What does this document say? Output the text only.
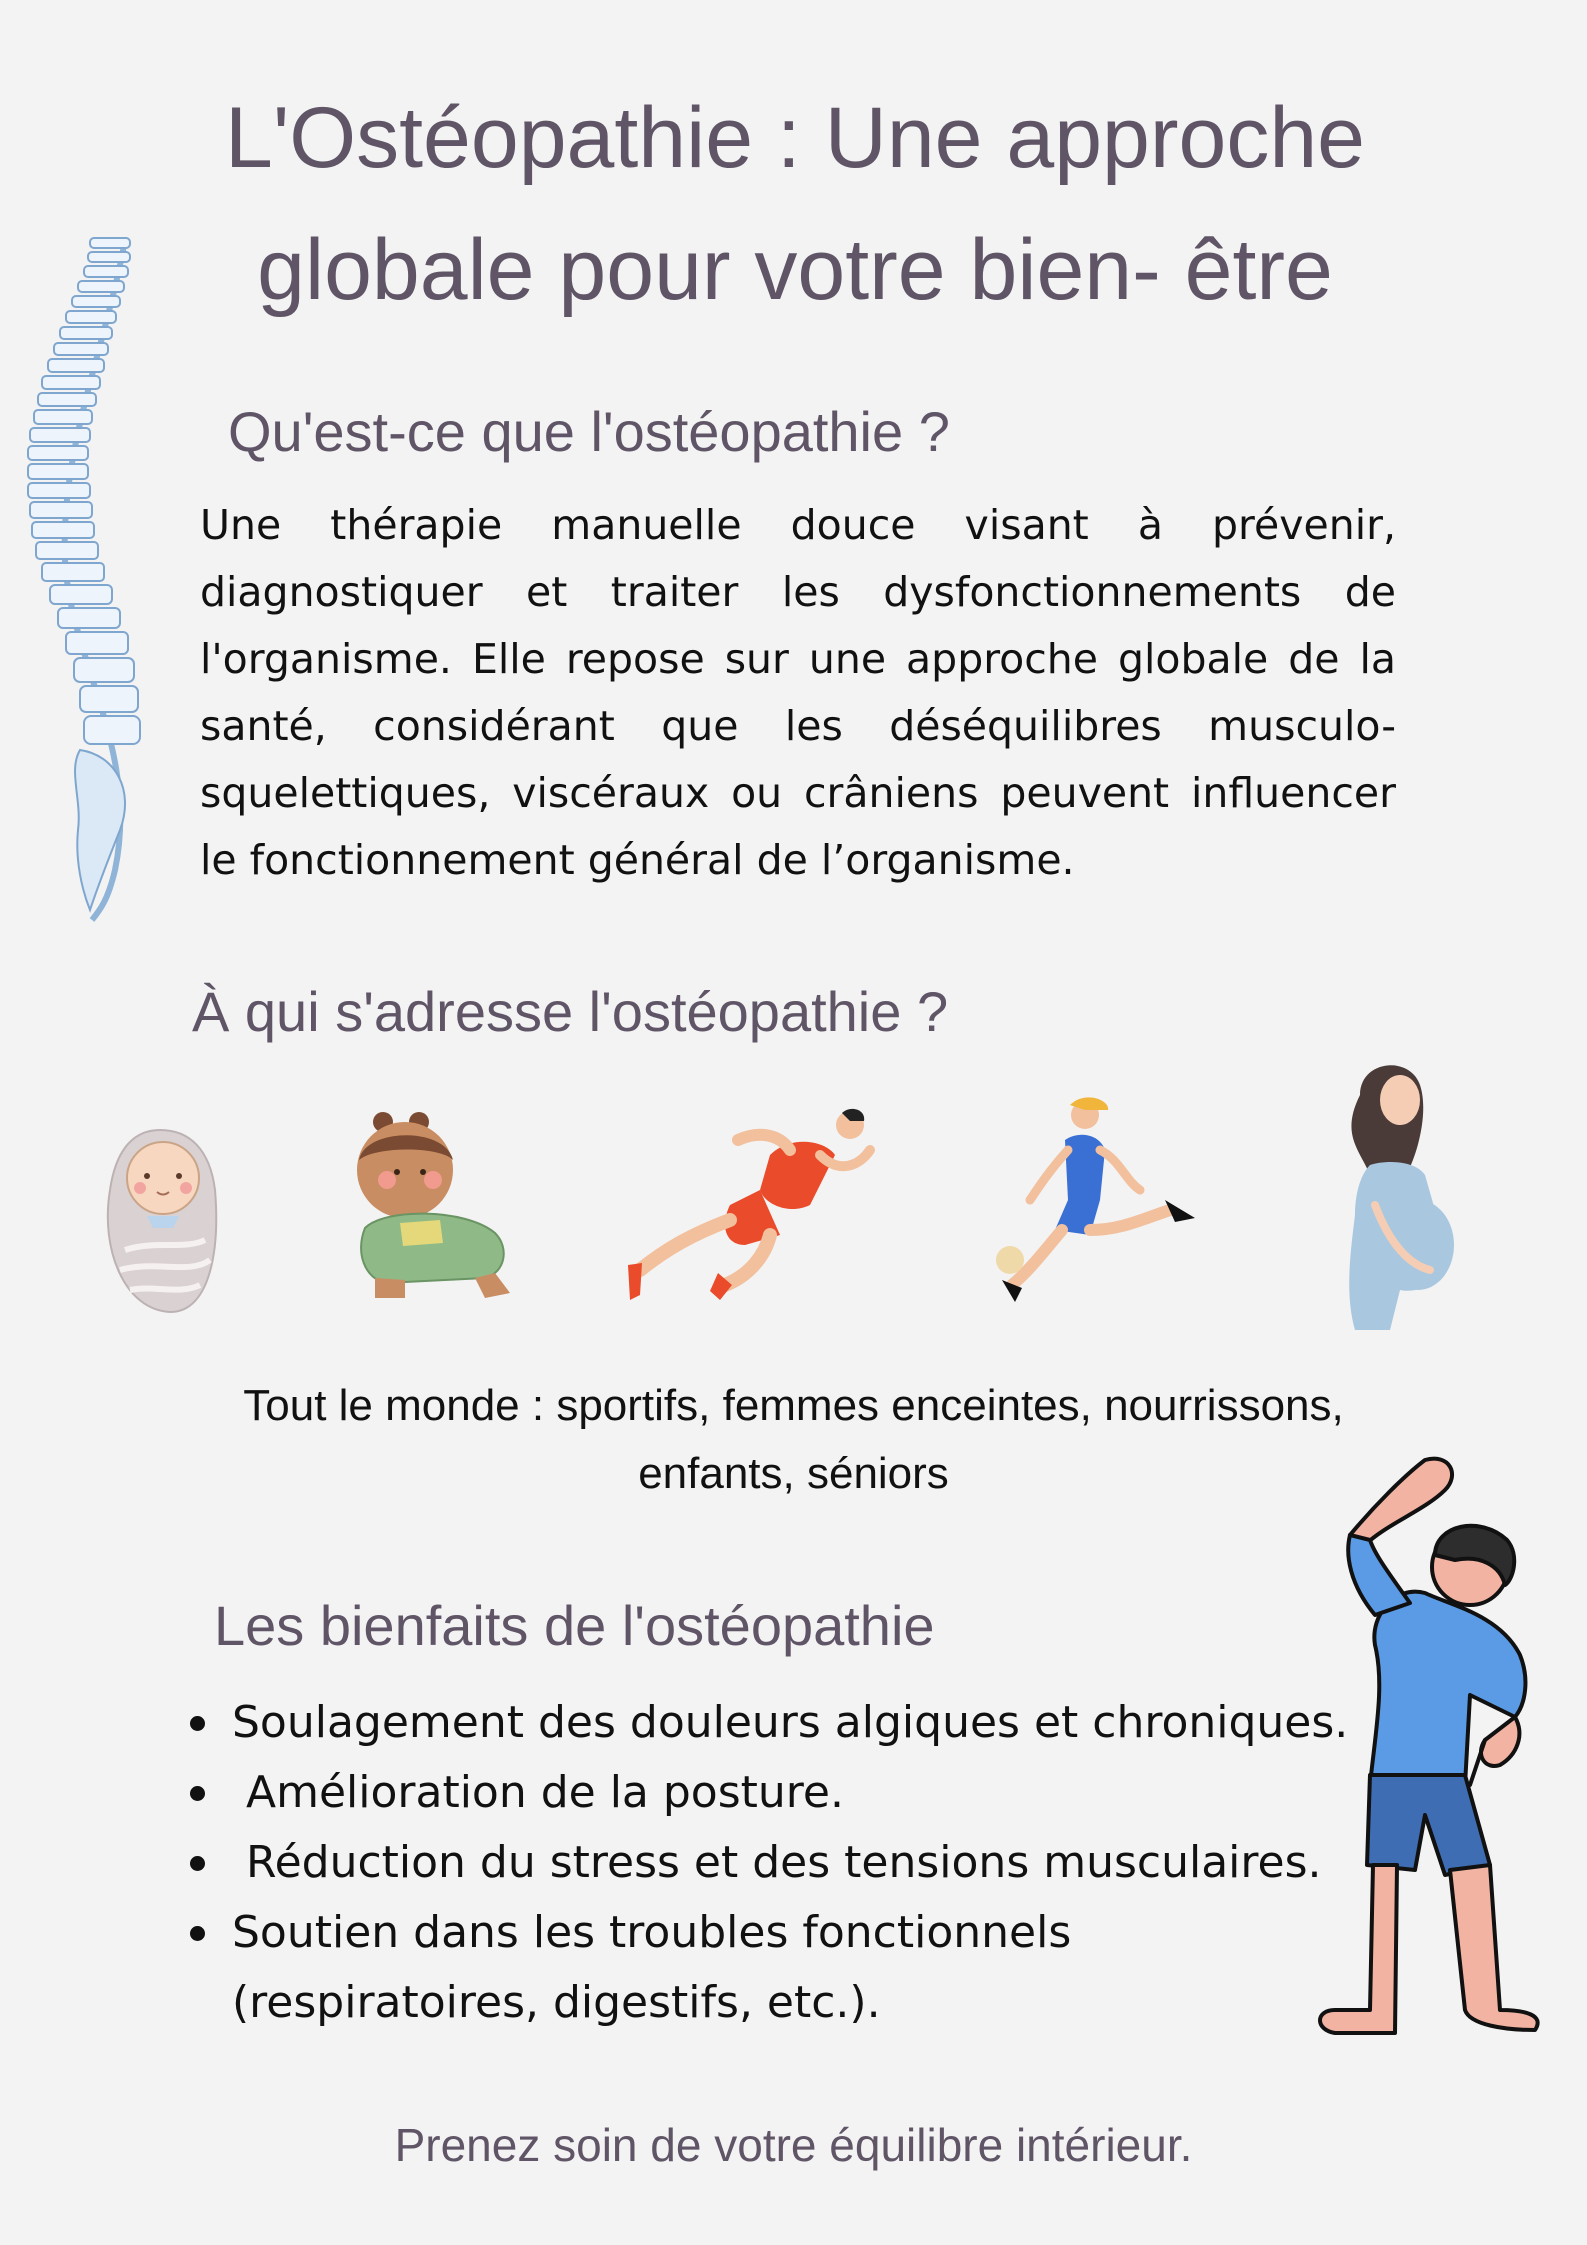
L'Ostéopathie : Une approche
globale pour votre bien- être
Qu'est-ce que l'ostéopathie ?
Une thérapie manuelle douce visant à prévenir, diagnostiquer et traiter les dysfonctionnements de l'organisme. Elle repose sur une approche globale de la santé, considérant que les déséquilibres musculo-squelettiques, viscéraux ou crâniens peuvent influencer le fonctionnement général de l’organisme.
À qui s'adresse l'ostéopathie ?
Tout le monde : sportifs, femmes enceintes, nourrissons,
enfants, séniors
Les bienfaits de l'ostéopathie
Soulagement des douleurs algiques et chroniques.
Amélioration de la posture.
Réduction du stress et des tensions musculaires.
Soutien dans les troubles fonctionnels (respiratoires, digestifs, etc.).
Prenez soin de votre équilibre intérieur.
